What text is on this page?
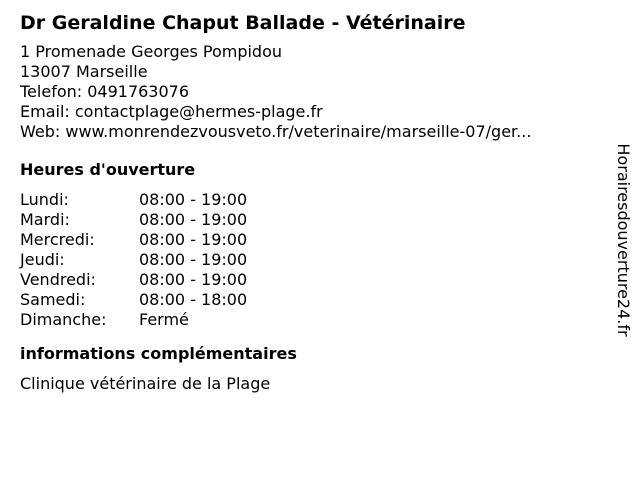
Dr Geraldine Chaput Ballade - Vétérinaire
1 Promenade Georges Pompidou
13007 Marseille
Telefon: 0491763076
Email: contactplage@hermes-plage.fr
Web: www.monrendezvousveto.fr/veterinaire/marseille-07/ger...
Heures d'ouverture
Lundi:	08:00 - 19:00
Mardi:	08:00 - 19:00
Mercredi:	08:00 - 19:00
Jeudi:	08:00 - 19:00
Vendredi:	08:00 - 19:00
Samedi:	08:00 - 18:00
Dimanche:	Fermé
informations complémentaires
Clinique vétérinaire de la Plage
Horairesdouverture24.fr
